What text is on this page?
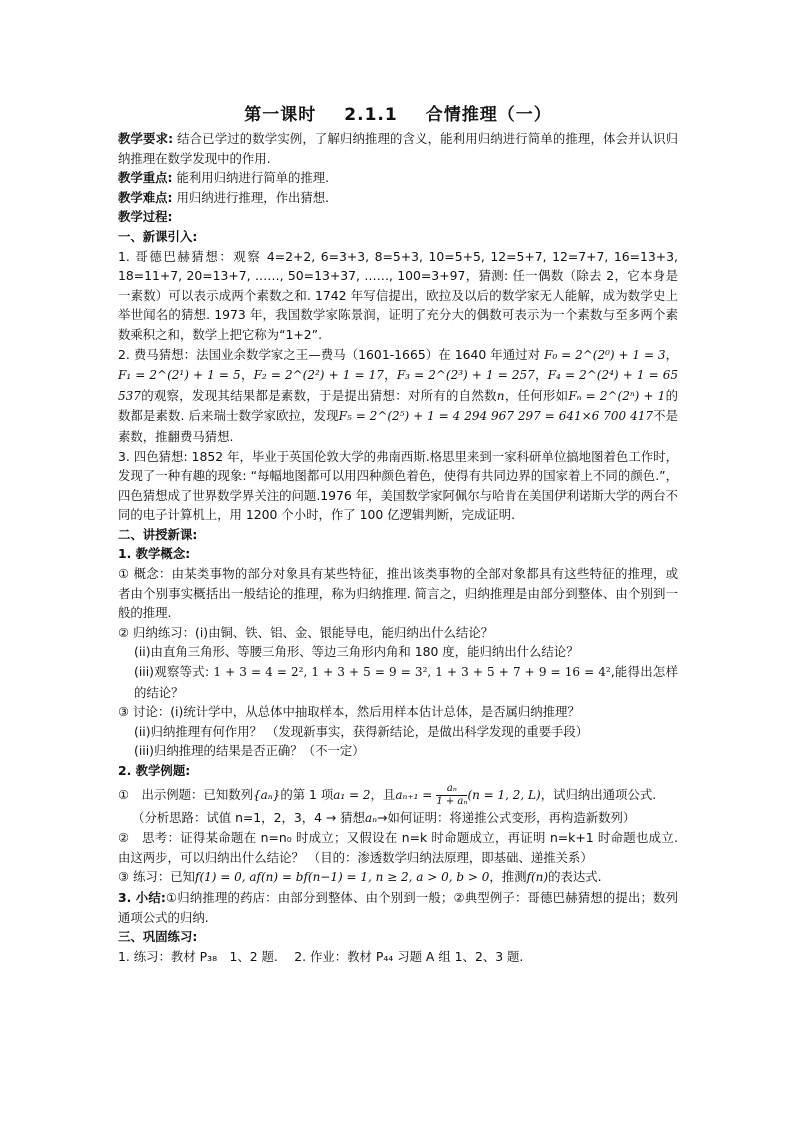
第一课时 2.1.1 合情推理（一）

教学要求: 结合已学过的数学实例，了解归纳推理的含义，能利用归纳进行简单的推理，体会并认识归纳推理在数学发现中的作用.

教学重点: 能利用归纳进行简单的推理.

教学难点: 用归纳进行推理，作出猜想.

教学过程:

一、新课引入:

1. 哥德巴赫猜想：观察 4=2+2, 6=3+3, 8=5+3, 10=5+5, 12=5+7, 12=7+7, 16=13+3, 18=11+7, 20=13+7, ……, 50=13+37, ……, 100=3+97，猜测: 任一偶数（除去 2，它本身是一素数）可以表示成两个素数之和. 1742 年写信提出，欧拉及以后的数学家无人能解，成为数学史上举世闻名的猜想. 1973 年，我国数学家陈景润，证明了充分大的偶数可表示为一个素数与至多两个素数乘积之和，数学上把它称为“1+2”.

2. 费马猜想：法国业余数学家之王—费马（1601-1665）在 1640 年通过对 F₀ = 2^(2⁰) + 1 = 3，F₁ = 2^(2¹) + 1 = 5，F₂ = 2^(2²) + 1 = 17，F₃ = 2^(2³) + 1 = 257，F₄ = 2^(2⁴) + 1 = 65 537的观察，发现其结果都是素数，于是提出猜想：对所有的自然数n，任何形如Fₙ = 2^(2ⁿ) + 1的数都是素数. 后来瑞士数学家欧拉，发现F₅ = 2^(2⁵) + 1 = 4 294 967 297 = 641×6 700 417不是素数，推翻费马猜想.

3. 四色猜想: 1852 年，毕业于英国伦敦大学的弗南西斯.格思里来到一家科研单位搞地图着色工作时，发现了一种有趣的现象: “每幅地图都可以用四种颜色着色，使得有共同边界的国家着上不同的颜色.”，四色猜想成了世界数学界关注的问题.1976 年，美国数学家阿佩尔与哈肯在美国伊利诺斯大学的两台不同的电子计算机上，用 1200 个小时，作了 100 亿逻辑判断，完成证明.

二、讲授新课:

1. 教学概念:

① 概念：由某类事物的部分对象具有某些特征，推出该类事物的全部对象都具有这些特征的推理，或者由个别事实概括出一般结论的推理，称为归纳推理. 简言之，归纳推理是由部分到整体、由个别到一般的推理.

② 归纳练习：(i)由铜、铁、铝、金、银能导电，能归纳出什么结论？

(ii)由直角三角形、等腰三角形、等边三角形内角和 180 度，能归纳出什么结论？

(iii)观察等式: 1 + 3 = 4 = 2², 1 + 3 + 5 = 9 = 3², 1 + 3 + 5 + 7 + 9 = 16 = 4²,能得出怎样的结论？

③ 讨论：(i)统计学中，从总体中抽取样本，然后用样本估计总体，是否属归纳推理？

(ii)归纳推理有何作用？ （发现新事实，获得新结论，是做出科学发现的重要手段）

(iii)归纳推理的结果是否正确？（不一定）

2. 教学例题:

①　出示例题：已知数列{aₙ}的第 1 项a₁ = 2，且$a_{n+1} = \frac{\text{aₙ}}{\text{1 + aₙ}} (n = 1$, 2, L)，试归纳出通项公式.

（分析思路：试值 n=1，2，3，4 → 猜想aₙ→如何证明：将递推公式变形，再构造新数列）

②　思考：证得某命题在 n=n₀ 时成立；又假设在 n=k 时命题成立，再证明 n=k+1 时命题也成立. 由这两步，可以归纳出什么结论？ （目的：渗透数学归纳法原理，即基础、递推关系）

③ 练习：已知f(1) = 0, af(n) = bf(n−1) = 1, n ≥ 2, a > 0, b > 0，推测f(n)的表达式.

3. 小结:①归纳推理的药店：由部分到整体、由个别到一般；②典型例子：哥德巴赫猜想的提出；数列通项公式的归纳.

三、巩固练习:

1. 练习：教材 P₃₈　1、2 题.　 2. 作业：教材 P₄₄ 习题 A 组 1、2、3 题.
